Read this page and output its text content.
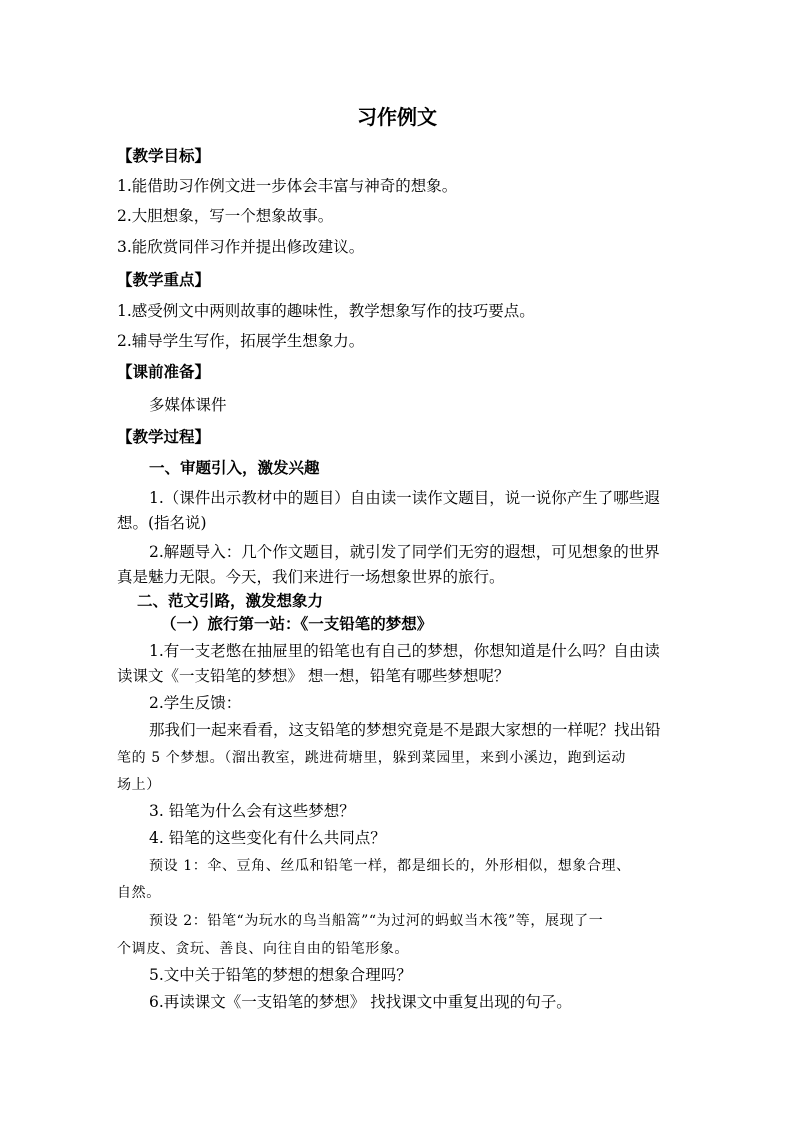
习作例文
【教学目标】
1.能借助习作例文进一步体会丰富与神奇的想象。
2.大胆想象，写一个想象故事。
3.能欣赏同伴习作并提出修改建议。
【教学重点】
1.感受例文中两则故事的趣味性，教学想象写作的技巧要点。
2.辅导学生写作，拓展学生想象力。
【课前准备】
多媒体课件
【教学过程】
一、审题引入，激发兴趣
1.（课件出示教材中的题目）自由读一读作文题目，说一说你产生了哪些遐
想。(指名说)
2.解题导入：几个作文题目，就引发了同学们无穷的遐想，可见想象的世界
真是魅力无限。今天，我们来进行一场想象世界的旅行。
二、范文引路，激发想象力
（一）旅行第一站：《一支铅笔的梦想》
1.有一支老憋在抽屉里的铅笔也有自己的梦想，你想知道是什么吗？自由读
读课文《一支铅笔的梦想》 想一想，铅笔有哪些梦想呢？
2.学生反馈：
那我们一起来看看，这支铅笔的梦想究竟是不是跟大家想的一样呢？找出铅
笔的 5 个梦想。（溜出教室，跳进荷塘里，躲到菜园里，来到小溪边，跑到运动
场上）
3. 铅笔为什么会有这些梦想？
4. 铅笔的这些变化有什么共同点？
预设 1：伞、豆角、丝瓜和铅笔一样，都是细长的，外形相似，想象合理、
自然。
预设 2：铅笔“为玩水的鸟当船篙”“为过河的蚂蚁当木筏”等，展现了一
个调皮、贪玩、善良、向往自由的铅笔形象。
5.文中关于铅笔的梦想的想象合理吗？
6.再读课文《一支铅笔的梦想》 找找课文中重复出现的句子。
